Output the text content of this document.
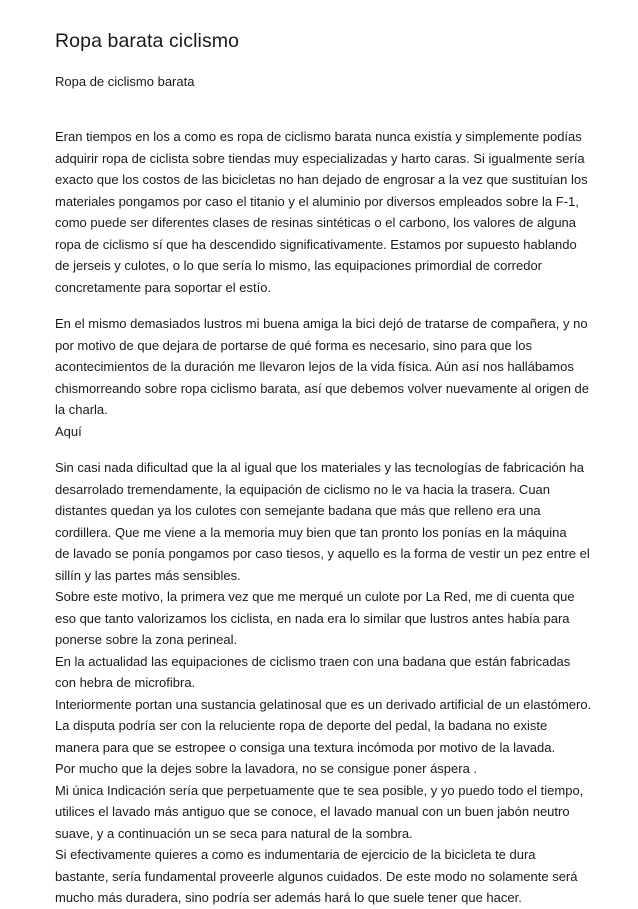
Ropa barata ciclismo
Ropa de ciclismo barata

Eran tiempos en los a como es ropa de ciclismo barata nunca existía y simplemente podías
adquirir ropa de ciclista sobre tiendas muy especializadas y harto caras. Si igualmente sería
exacto que los costos de las bicicletas no han dejado de engrosar a la vez que sustituían los
materiales pongamos por caso el titanio y el aluminio por diversos empleados sobre la F-1,
como puede ser diferentes clases de resinas sintéticas o el carbono, los valores de alguna
ropa de ciclismo sí que ha descendido significativamente. Estamos por supuesto hablando
de jerseis y culotes, o lo que sería lo mismo, las equipaciones primordial de corredor
concretamente para soportar el estío.

En el mismo demasiados lustros mi buena amiga la bici dejó de tratarse de compañera, y no
por motivo de que dejara de portarse de qué forma es necesario, sino para que los
acontecimientos de la duración me llevaron lejos de la vida física. Aún así nos hallábamos
chismorreando sobre ropa ciclismo barata, así que debemos volver nuevamente al origen de
la charla.
Aquí

Sin casi nada dificultad que la al igual que los materiales y las tecnologías de fabricación ha
desarrolado tremendamente, la equipación de ciclismo no le va hacia la trasera. Cuan
distantes quedan ya los culotes con semejante badana que más que relleno era una
cordillera. Que me viene a la memoria muy bien que tan pronto los ponías en la máquina
de lavado se ponía pongamos por caso tiesos, y aquello es la forma de vestir un pez entre el
sillín y las partes más sensibles.
Sobre este motivo, la primera vez que me merqué un culote por La Red, me di cuenta que
eso que tanto valorizamos los ciclista, en nada era lo similar que lustros antes había para
ponerse sobre la zona perineal.
En la actualidad las equipaciones de ciclismo traen con una badana que están fabricadas
con hebra de microfibra.
Interiormente portan una sustancia gelatinosal que es un derivado artificial de un elastómero.
La disputa podría ser con la reluciente ropa de deporte del pedal, la badana no existe
manera para que se estropee o consiga una textura incómoda por motivo de la lavada.
Por mucho que la dejes sobre la lavadora, no se consigue poner áspera .
Mi única Indicación sería que perpetuamente que te sea posible, y yo puedo todo el tiempo,
utilices el lavado más antiguo que se conoce, el lavado manual con un buen jabón neutro
suave, y a continuación un se seca para natural de la sombra.
Si efectivamente quieres a como es indumentaria de ejercicio de la bicicleta te dura
bastante, sería fundamental proveerle algunos cuidados. De este modo no solamente será
mucho más duradera, sino podría ser además hará lo que suele tener que hacer.
